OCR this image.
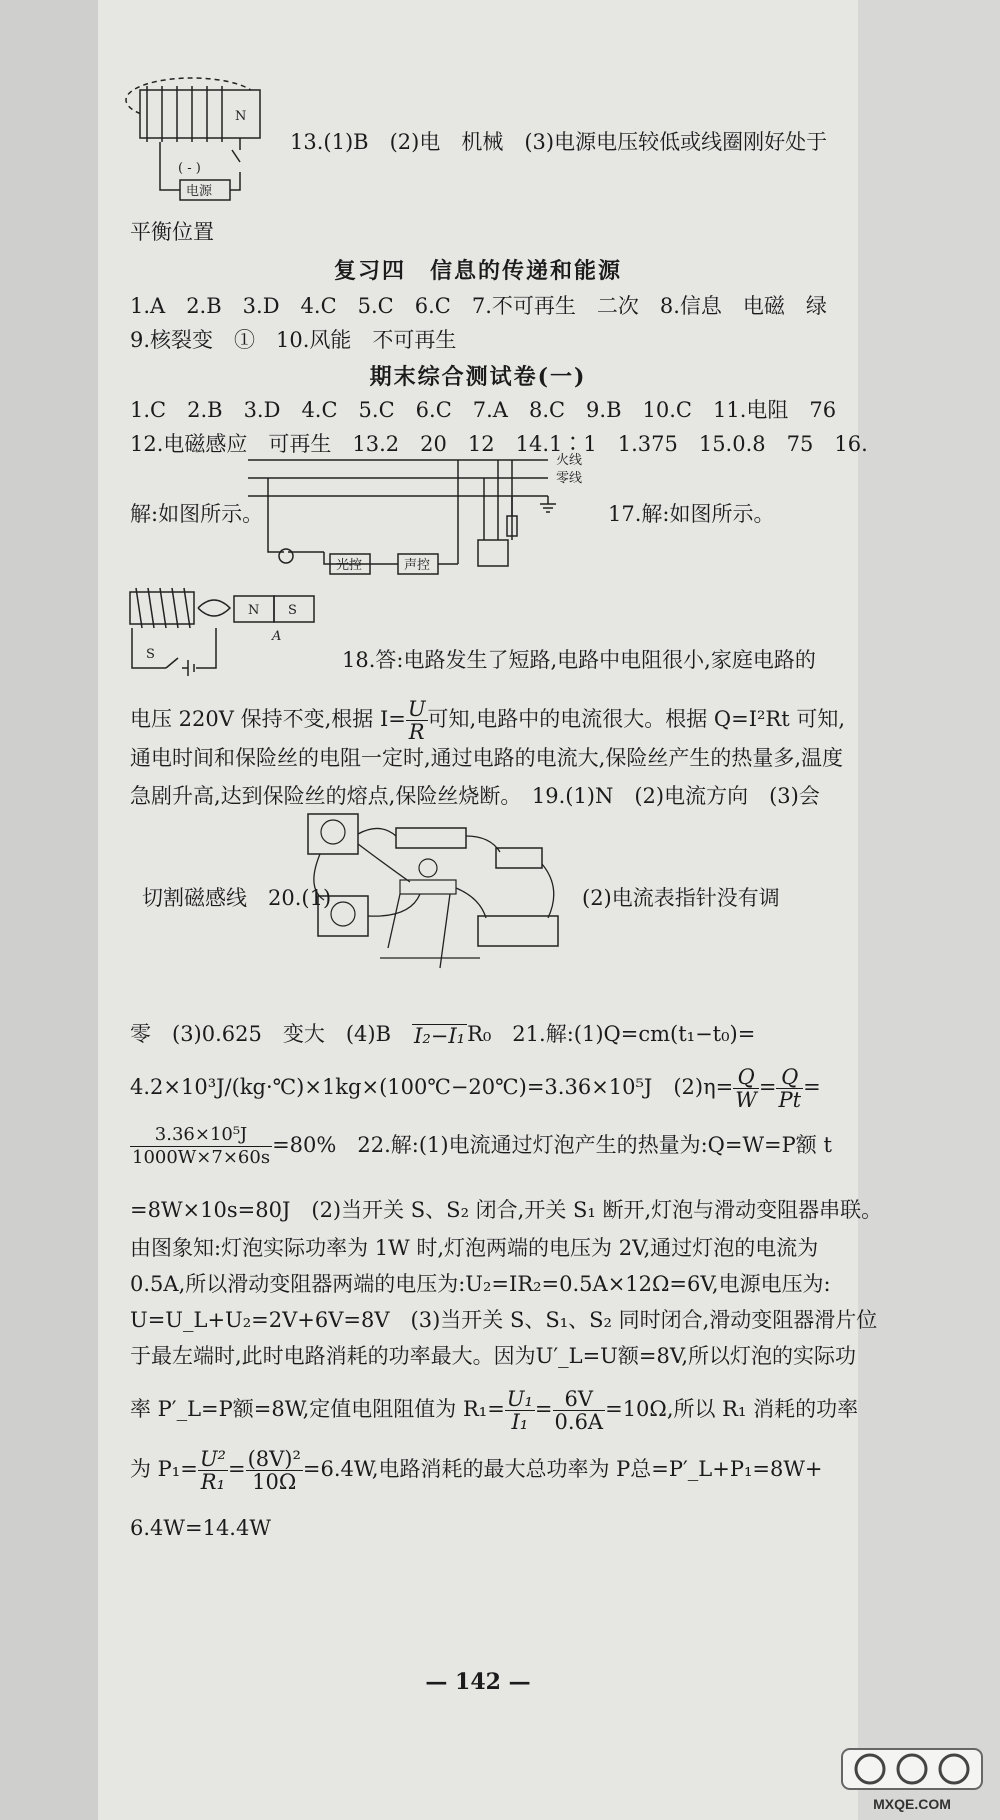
N
( - )
电源
13.(1)B　(2)电　机械　(3)电源电压较低或线圈刚好处于
平衡位置
复习四　信息的传递和能源
1.A　2.B　3.D　4.C　5.C　6.C　7.不可再生　二次　8.信息　电磁　绿
9.核裂变　①　10.风能　不可再生
期末综合测试卷(一)
1.C　2.B　3.D　4.C　5.C　6.C　7.A　8.C　9.B　10.C　11.电阻　76
12.电磁感应　可再生　13.2　20　12　14.1∶1　1.375　15.0.8　75　16.
火线
零线
光控	声控
解:如图所示。	17.解:如图所示。
N S
A
S	18.答:电路发生了短路,电路中电阻很小,家庭电路的
电压 220V 保持不变,根据 $I= \frac{U}{R}$ 可知,电路中的电流很大。根据 Q=I²Rt 可知,
通电时间和保险丝的电阻一定时,通过电路的电流大,保险丝产生的热量多,温度
急剧升高,达到保险丝的熔点,保险丝烧断。　19.(1)N　(2)电流方向　(3)会
切割磁感线　20.(1)	(2)电流表指针没有调
零　(3)0.625　变大　(4)B　 I₂−I₁ R₀　21.解:(1)Q=cm(t₁−t₀)=
4.2×10³J/(kg·℃)×1kg×(100℃−20℃)=3.36×10⁵J　$(2)\eta= \frac{Q}{W} = \frac{Q}{Pt}$ =
$\frac{\text{3.36×10⁵J}}{1000W\times 7\times 60s} =80\%$　22.解:(1)电流通过灯泡产生的热量为:Q=W=P额 t
=8W×10s=80J　(2)当开关 S、S₂ 闭合,开关 S₁ 断开,灯泡与滑动变阻器串联。
由图象知:灯泡实际功率为 1W 时,灯泡两端的电压为 2V,通过灯泡的电流为
0.5A,所以滑动变阻器两端的电压为:U₂=IR₂=0.5A×12Ω=6V,电源电压为:
U=U_L+U₂=2V+6V=8V　(3)当开关 S、S₁、S₂ 同时闭合,滑动变阻器滑片位
于最左端时,此时电路消耗的功率最大。因为U′_L=U额=8V,所以灯泡的实际功
率 P′_L=P额=8W,定值电阻阻值为 $R_1= \frac{\text{U₁}}{\text{I₁}} = \frac{6V}{0.6A} =10\Omega$,所以 R₁ 消耗的功率
为 $P_1= \frac{\text{U²}}{\text{R₁}} = \frac{\text{(8V)²}}{10\Omega} =6.4W$,电路消耗的最大总功率为 P总=P′_L+P₁=8W+
6.4W=14.4W
— 142 —
MXQE.COM
